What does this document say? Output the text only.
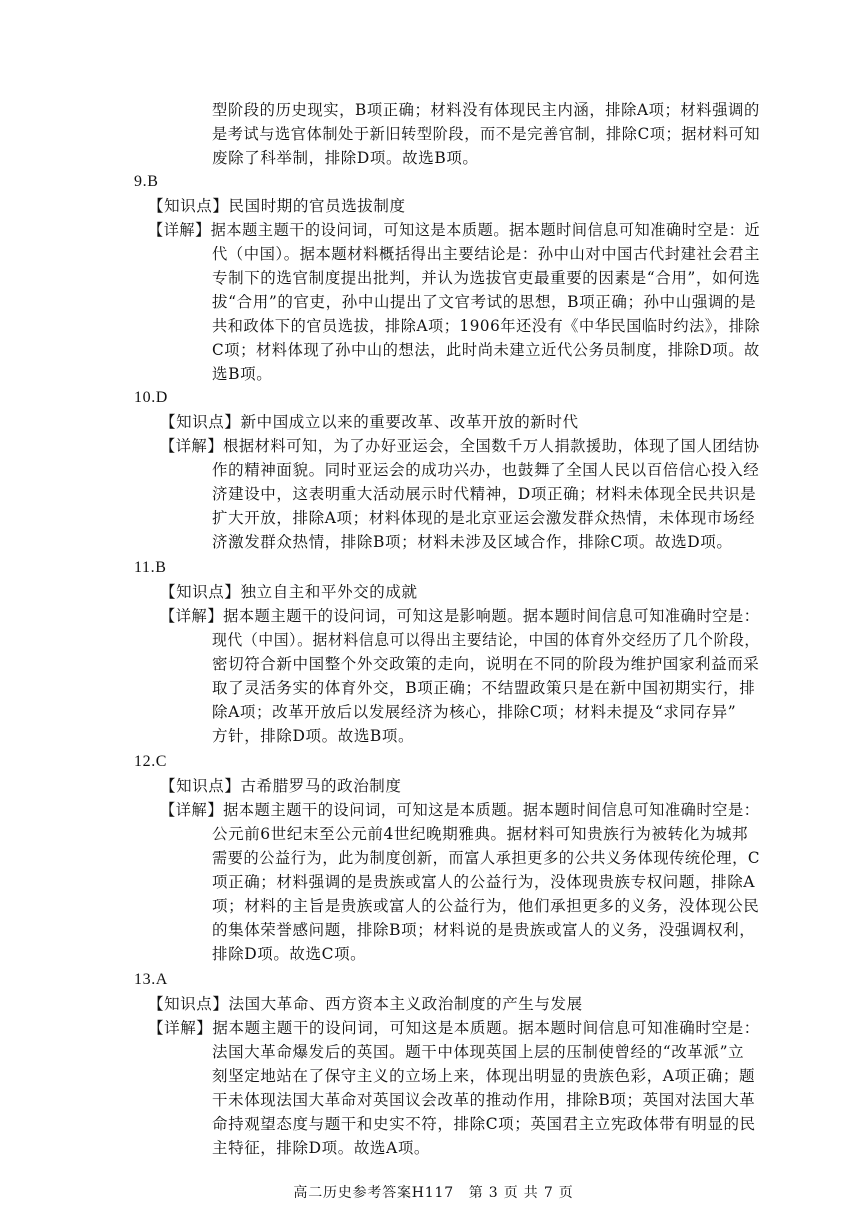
型阶段的历史现实，B项正确；材料没有体现民主内涵，排除A项；材料强调的
是考试与选官体制处于新旧转型阶段，而不是完善官制，排除C项；据材料可知
废除了科举制，排除D项。故选B项。
9.B
【知识点】民国时期的官员选拔制度
【详解】据本题主题干的设问词，可知这是本质题。据本题时间信息可知准确时空是：近
代（中国）。据本题材料概括得出主要结论是：孙中山对中国古代封建社会君主
专制下的选官制度提出批判，并认为选拔官吏最重要的因素是“合用”，如何选
拔“合用”的官吏，孙中山提出了文官考试的思想，B项正确；孙中山强调的是
共和政体下的官员选拔，排除A项；1906年还没有《中华民国临时约法》，排除
C项；材料体现了孙中山的想法，此时尚未建立近代公务员制度，排除D项。故
选B项。
10.D
【知识点】新中国成立以来的重要改革、改革开放的新时代
【详解】根据材料可知，为了办好亚运会，全国数千万人捐款援助，体现了国人团结协
作的精神面貌。同时亚运会的成功兴办，也鼓舞了全国人民以百倍信心投入经
济建设中，这表明重大活动展示时代精神，D项正确；材料未体现全民共识是
扩大开放，排除A项；材料体现的是北京亚运会激发群众热情，未体现市场经
济激发群众热情，排除B项；材料未涉及区域合作，排除C项。故选D项。
11.B
【知识点】独立自主和平外交的成就
【详解】据本题主题干的设问词，可知这是影响题。据本题时间信息可知准确时空是：
现代（中国）。据材料信息可以得出主要结论，中国的体育外交经历了几个阶段，
密切符合新中国整个外交政策的走向，说明在不同的阶段为维护国家利益而采
取了灵活务实的体育外交，B项正确；不结盟政策只是在新中国初期实行，排
除A项；改革开放后以发展经济为核心，排除C项；材料未提及“求同存异”
方针，排除D项。故选B项。
12.C
【知识点】古希腊罗马的政治制度
【详解】据本题主题干的设问词，可知这是本质题。据本题时间信息可知准确时空是：
公元前6世纪末至公元前4世纪晚期雅典。据材料可知贵族行为被转化为城邦
需要的公益行为，此为制度创新，而富人承担更多的公共义务体现传统伦理，C
项正确；材料强调的是贵族或富人的公益行为，没体现贵族专权问题，排除A
项；材料的主旨是贵族或富人的公益行为，他们承担更多的义务，没体现公民
的集体荣誉感问题，排除B项；材料说的是贵族或富人的义务，没强调权利，
排除D项。故选C项。
13.A
【知识点】法国大革命、西方资本主义政治制度的产生与发展
【详解】据本题主题干的设问词，可知这是本质题。据本题时间信息可知准确时空是：
法国大革命爆发后的英国。题干中体现英国上层的压制使曾经的“改革派”立
刻坚定地站在了保守主义的立场上来，体现出明显的贵族色彩，A项正确；题
干未体现法国大革命对英国议会改革的推动作用，排除B项；英国对法国大革
命持观望态度与题干和史实不符，排除C项；英国君主立宪政体带有明显的民
主特征，排除D项。故选A项。
高二历史参考答案H117　第 3 页 共 7 页
